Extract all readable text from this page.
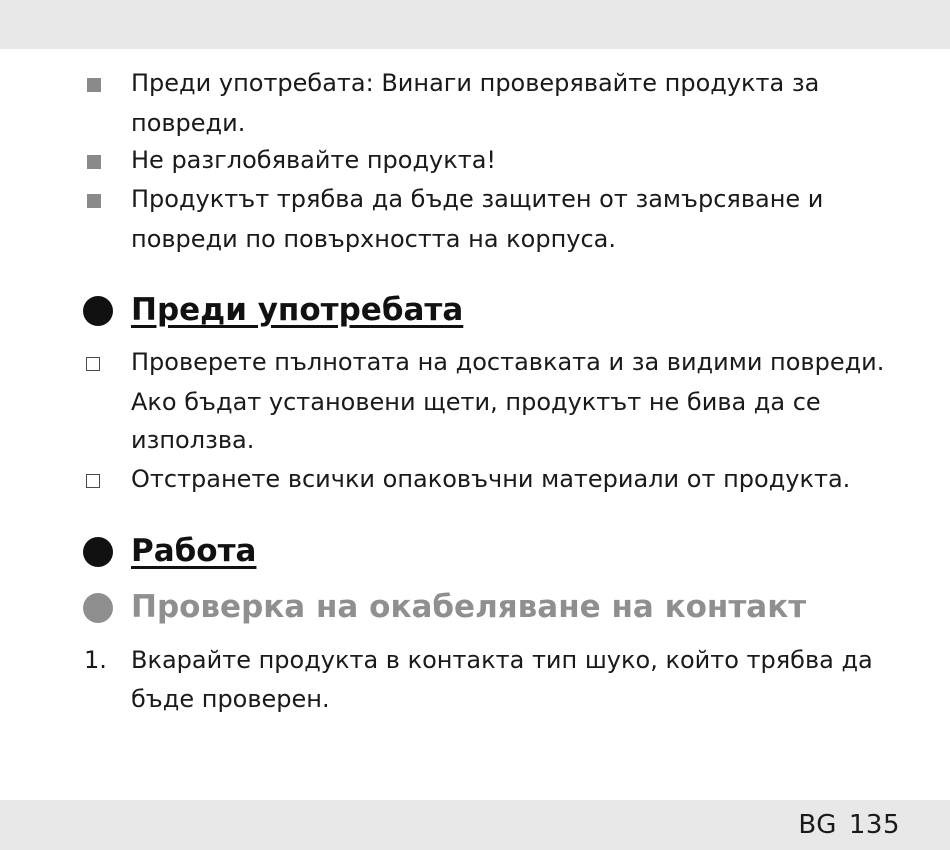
Преди употребата: Винаги проверявайте продукта за
повреди.
Не разглобявайте продукта!
Продуктът трябва да бъде защитен от замърсяване и
повреди по повърхността на корпуса.
Преди употребата
Проверете пълнотата на доставката и за видими повреди.
Ако бъдат установени щети, продуктът не бива да се
използва.
Отстранете всички опаковъчни материали от продукта.
Работа
Проверка на окабеляване на контакт
1. Вкарайте продукта в контакта тип шуко, който трябва да
бъде проверен.
BG 135
